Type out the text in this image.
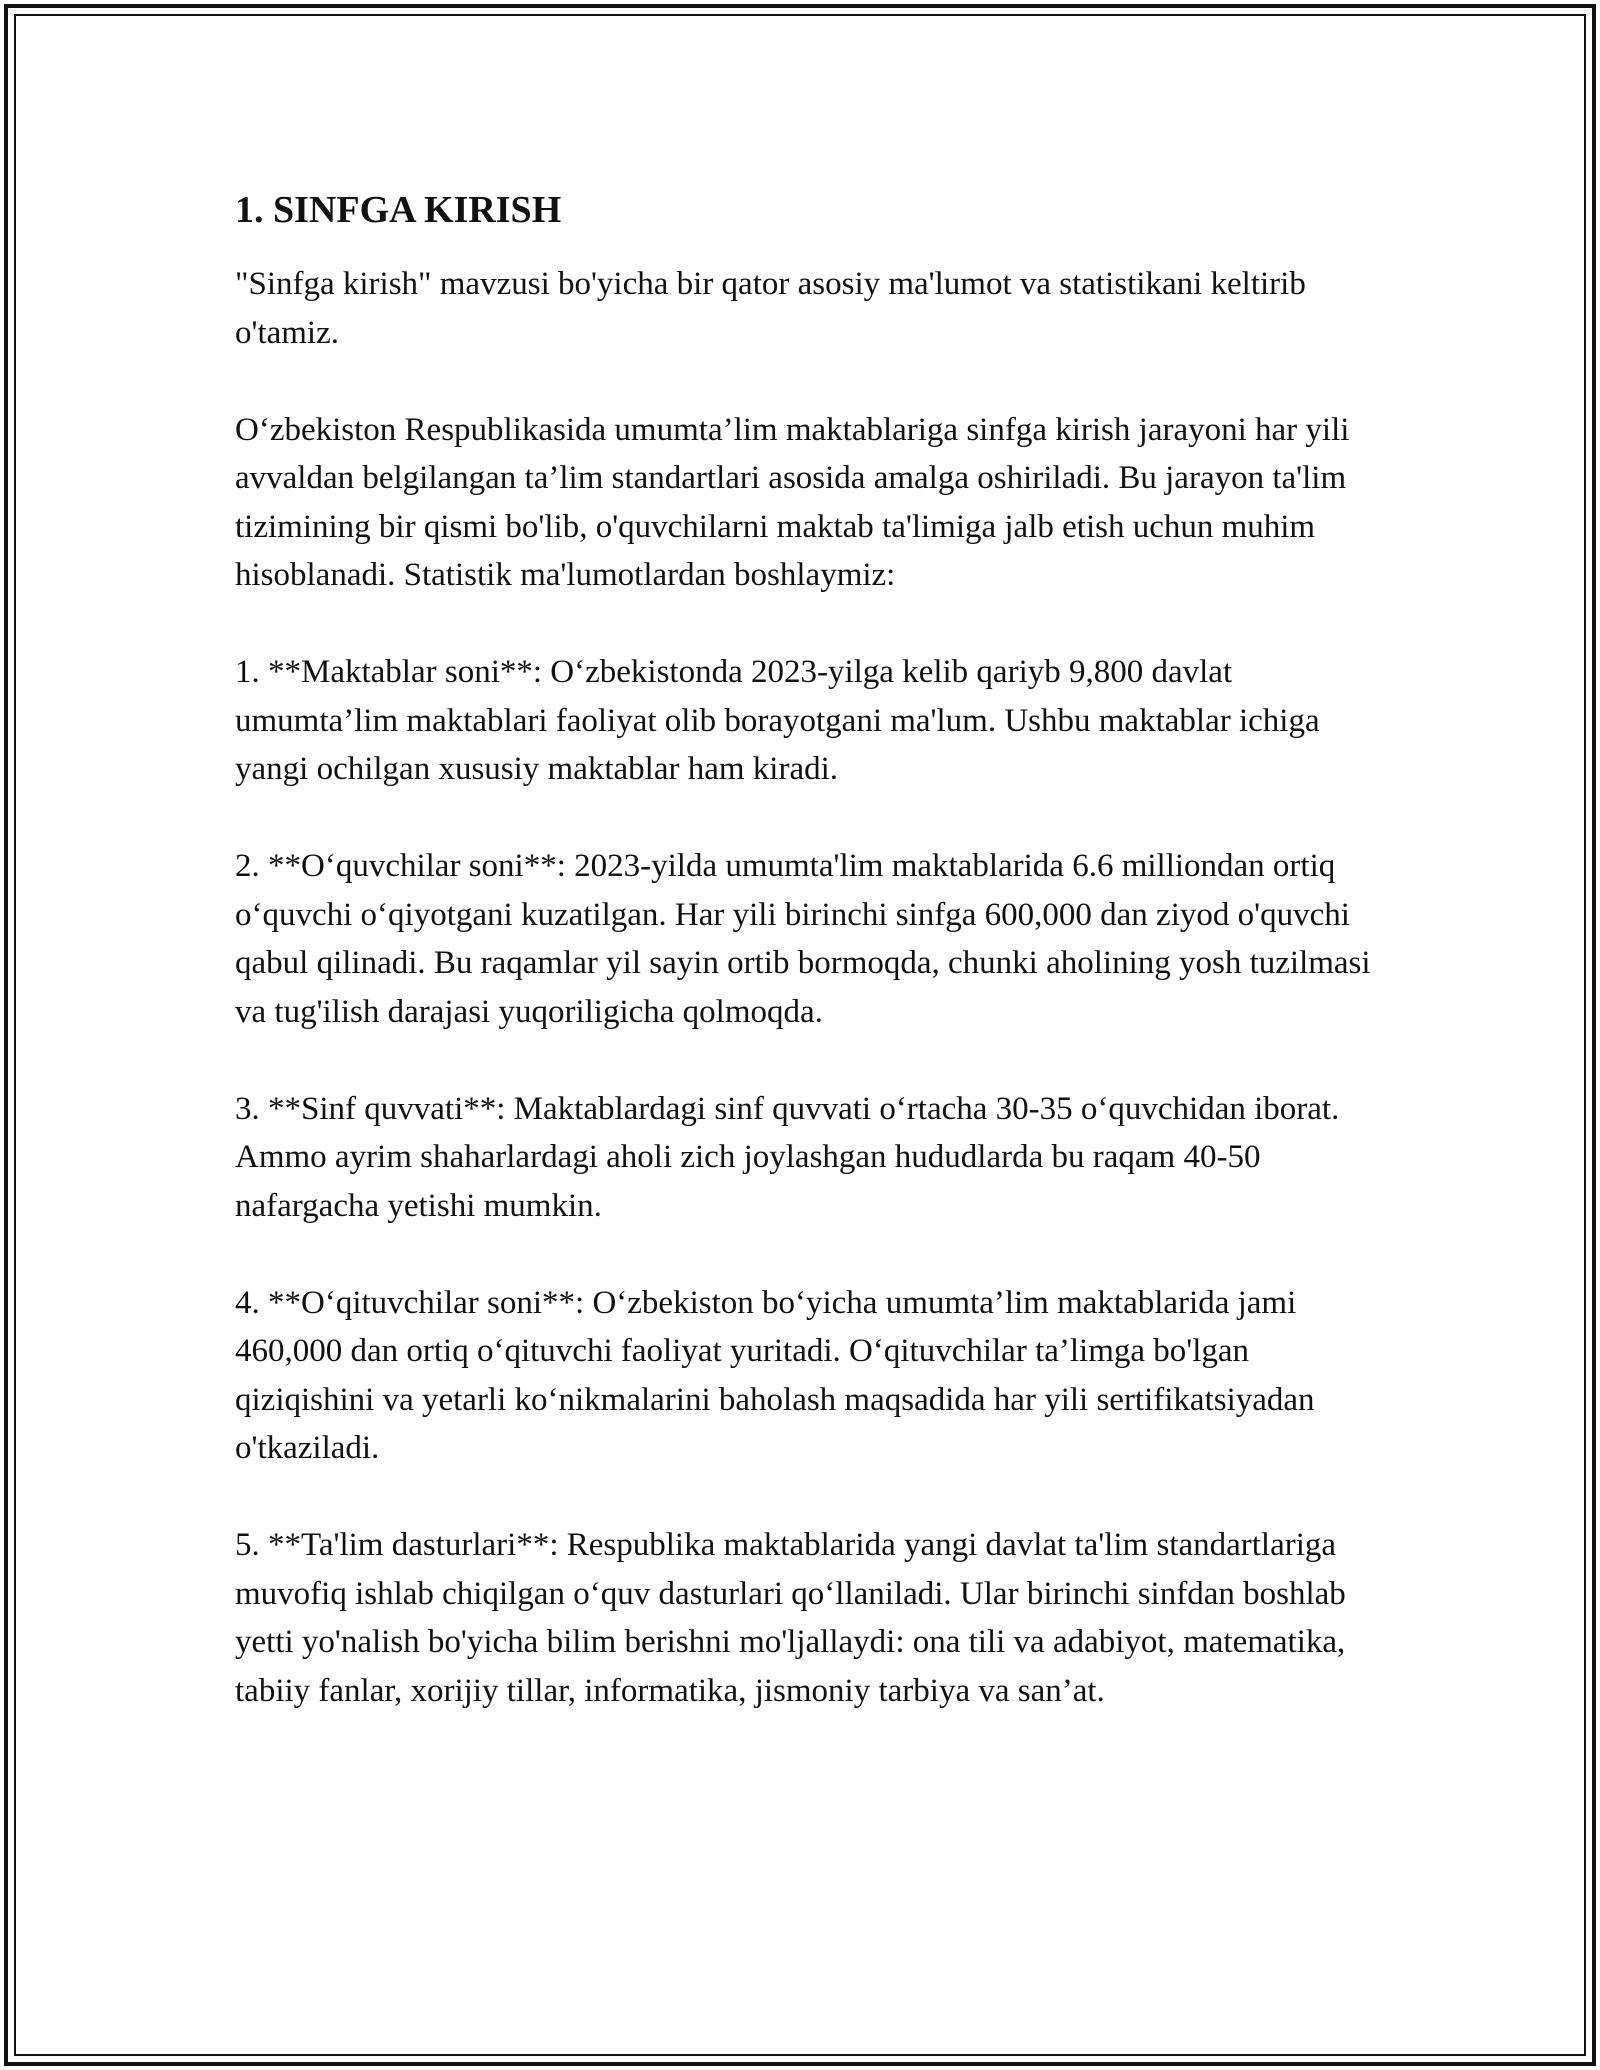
1. SINFGA KIRISH

"Sinfga kirish" mavzusi bo'yicha bir qator asosiy ma'lumot va statistikani keltirib o'tamiz.

O‘zbekiston Respublikasida umumta’lim maktablariga sinfga kirish jarayoni har yili avvaldan belgilangan ta’lim standartlari asosida amalga oshiriladi. Bu jarayon ta'lim tizimining bir qismi bo'lib, o'quvchilarni maktab ta'limiga jalb etish uchun muhim hisoblanadi. Statistik ma'lumotlardan boshlaymiz:

1. **Maktablar soni**: O‘zbekistonda 2023-yilga kelib qariyb 9,800 davlat umumta’lim maktablari faoliyat olib borayotgani ma'lum. Ushbu maktablar ichiga yangi ochilgan xususiy maktablar ham kiradi.

2. **O‘quvchilar soni**: 2023-yilda umumta'lim maktablarida 6.6 milliondan ortiq o‘quvchi o‘qiyotgani kuzatilgan. Har yili birinchi sinfga 600,000 dan ziyod o'quvchi qabul qilinadi. Bu raqamlar yil sayin ortib bormoqda, chunki aholining yosh tuzilmasi va tug'ilish darajasi yuqoriligicha qolmoqda.

3. **Sinf quvvati**: Maktablardagi sinf quvvati o‘rtacha 30-35 o‘quvchidan iborat. Ammo ayrim shaharlardagi aholi zich joylashgan hududlarda bu raqam 40-50 nafargacha yetishi mumkin.

4. **O‘qituvchilar soni**: O‘zbekiston bo‘yicha umumta’lim maktablarida jami 460,000 dan ortiq o‘qituvchi faoliyat yuritadi. O‘qituvchilar ta’limga bo'lgan qiziqishini va yetarli ko‘nikmalarini baholash maqsadida har yili sertifikatsiyadan o'tkaziladi.

5. **Ta'lim dasturlari**: Respublika maktablarida yangi davlat ta'lim standartlariga muvofiq ishlab chiqilgan o‘quv dasturlari qo‘llaniladi. Ular birinchi sinfdan boshlab yetti yo'nalish bo'yicha bilim berishni mo'ljallaydi: ona tili va adabiyot, matematika, tabiiy fanlar, xorijiy tillar, informatika, jismoniy tarbiya va san’at.
